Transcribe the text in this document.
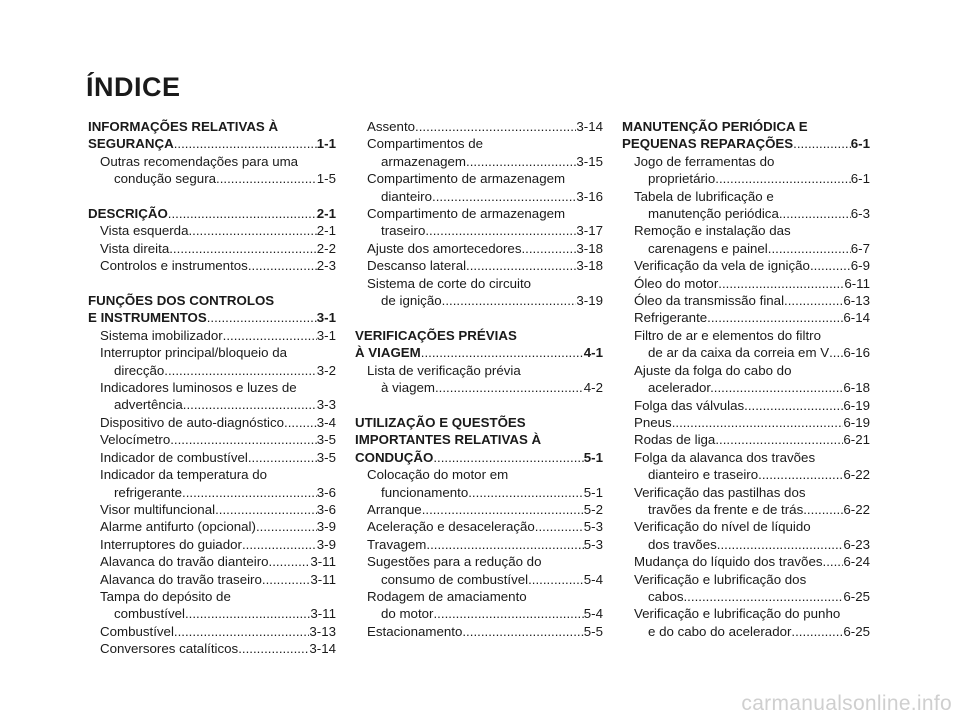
ÍNDICE
INFORMAÇÕES RELATIVAS À
SEGURANÇA .....	1-1
Outras recomendações para uma
condução segura .....	1-5
DESCRIÇÃO .....	2-1
Vista esquerda .....	2-1
Vista direita .....	2-2
Controlos e instrumentos .....	2-3
FUNÇÕES DOS CONTROLOS
E INSTRUMENTOS .....	3-1
Sistema imobilizador .....	3-1
Interruptor principal/bloqueio da
direcção .....	3-2
Indicadores luminosos e luzes de
advertência .....	3-3
Dispositivo de auto-diagnóstico ..... 3-4
Velocímetro .....	3-5
Indicador de combustível .....	3-5
Indicador da temperatura do
refrigerante .....	3-6
Visor multifuncional .....	3-6
Alarme antifurto (opcional) .....	3-9
Interruptores do guiador .....	3-9
Alavanca do travão dianteiro .....	3-11
Alavanca do travão traseiro .....	3-11
Tampa do depósito de
combustível .....	3-11
Combustível .....	3-13
Conversores catalíticos .....	3-14
Assento .....	3-14
Compartimentos de
armazenagem .....	3-15
Compartimento de armazenagem
dianteiro .....	3-16
Compartimento de armazenagem
traseiro .....	3-17
Ajuste dos amortecedores. .....	3-18
Descanso lateral .....	3-18
Sistema de corte do circuito
de ignição .....	3-19
VERIFICAÇÕES PRÉVIAS
À VIAGEM .....	4-1
Lista de verificação prévia
à viagem .....	4-2
UTILIZAÇÃO E QUESTÕES
IMPORTANTES RELATIVAS À
CONDUÇÃO .....	5-1
Colocação do motor em
funcionamento .....	5-1
Arranque .....	5-2
Aceleração e desaceleração .....	5-3
Travagem .....	5-3
Sugestões para a redução do
consumo de combustível .....	5-4
Rodagem de amaciamento
do motor .....	5-4
Estacionamento .....	5-5
MANUTENÇÃO PERIÓDICA E
PEQUENAS REPARAÇÕES .....	6-1
Jogo de ferramentas do
proprietário .....	6-1
Tabela de lubrificação e
manutenção periódica. .....	6-3
Remoção e instalação das
carenagens e painel .....	6-7
Verificação da vela de ignição .....	6-9
Óleo do motor .....	6-11
Óleo da transmissão final .....	6-13
Refrigerante .....	6-14
Filtro de ar e elementos do filtro
de ar da caixa da correia em V ..... 6-16
Ajuste da folga do cabo do
acelerador. .....	6-18
Folga das válvulas .....	6-19
Pneus .....	6-19
Rodas de liga. .....	6-21
Folga da alavanca dos travões
dianteiro e traseiro. .....	6-22
Verificação das pastilhas dos
travões da frente e de trás .....	6-22
Verificação do nível de líquido
dos travões. .....	6-23
Mudança do líquido dos travões ..... 6-24
Verificação e lubrificação dos
cabos .....	6-25
Verificação e lubrificação do punho
e do cabo do acelerador .....	6-25
carmanualsonline.info
